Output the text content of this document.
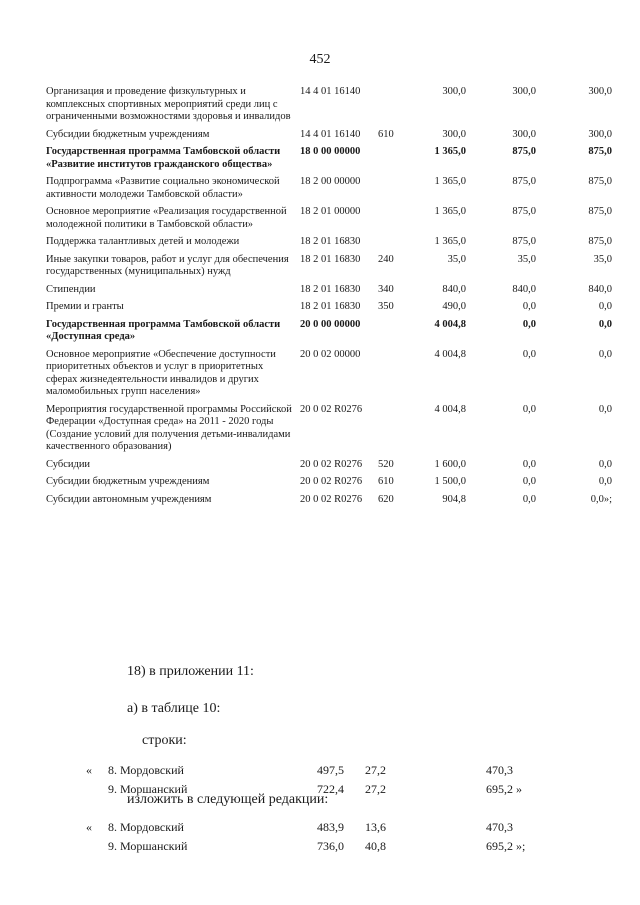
452
Организация и проведение физкультурных и комплексных спортивных мероприятий среди лиц с ограниченными возможностями здоровья и инвалидов	14 4 01 16140		300,0	300,0	300,0
Субсидии бюджетным учреждениям	14 4 01 16140	610	300,0	300,0	300,0
Государственная программа Тамбовской области «Развитие институтов гражданского общества»	18 0 00 00000		1 365,0	875,0	875,0
Подпрограмма «Развитие социально экономической активности молодежи Тамбовской области»	18 2 00 00000		1 365,0	875,0	875,0
Основное мероприятие «Реализация государственной молодежной политики в Тамбовской области»	18 2 01 00000		1 365,0	875,0	875,0
Поддержка талантливых детей и молодежи	18 2 01 16830		1 365,0	875,0	875,0
Иные закупки товаров, работ и услуг для обеспечения государственных (муниципальных) нужд	18 2 01 16830	240	35,0	35,0	35,0
Стипендии	18 2 01 16830	340	840,0	840,0	840,0
Премии и гранты	18 2 01 16830	350	490,0	0,0	0,0
Государственная программа Тамбовской области «Доступная среда»	20 0 00 00000		4 004,8	0,0	0,0
Основное мероприятие «Обеспечение доступности приоритетных объектов и услуг в приоритетных сферах жизнедеятельности инвалидов и других маломобильных групп населения»	20 0 02 00000		4 004,8	0,0	0,0
Мероприятия государственной программы Российской Федерации «Доступная среда» на 2011 - 2020 годы (Создание условий для получения детьми-инвалидами качественного образования)	20 0 02 R0276		4 004,8	0,0	0,0
Субсидии	20 0 02 R0276	520	1 600,0	0,0	0,0
Субсидии бюджетным учреждениям	20 0 02 R0276	610	1 500,0	0,0	0,0
Субсидии автономным учреждениям	20 0 02 R0276	620	904,8	0,0	0,0»;
18) в приложении 11:
а) в таблице 10:
строки:
«	8. Мордовский	497,5	27,2	470,3
	9. Моршанский	722,4	27,2	695,2 »
изложить в следующей редакции:
«	8. Мордовский	483,9	13,6	470,3
	9. Моршанский	736,0	40,8	695,2 »;
